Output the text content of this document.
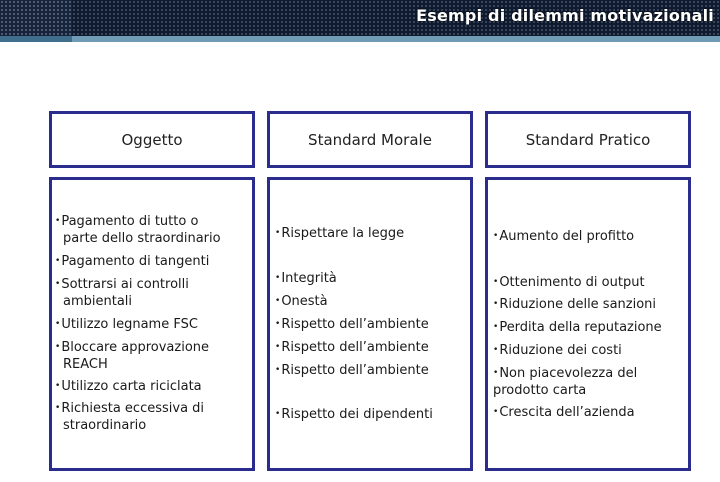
Esempi di dilemmi motivazionali
Oggetto	Standard Morale	Standard Pratico
•Pagamento di tutto o
parte dello straordinario
•Pagamento di tangenti
•Sottrarsi ai controlli
ambientali
•Utilizzo legname FSC
•Bloccare approvazione
REACH
•Utilizzo carta riciclata
•Richiesta eccessiva di
straordinario
•Rispettare la legge
•Integrità
•Onestà
•Rispetto dell’ambiente
•Rispetto dell’ambiente
•Rispetto dell’ambiente
•Rispetto dei dipendenti
•Aumento del profitto
•Ottenimento di output
•Riduzione delle sanzioni
•Perdita della reputazione
•Riduzione dei costi
•Non piacevolezza del
prodotto carta
•Crescita dell’azienda
